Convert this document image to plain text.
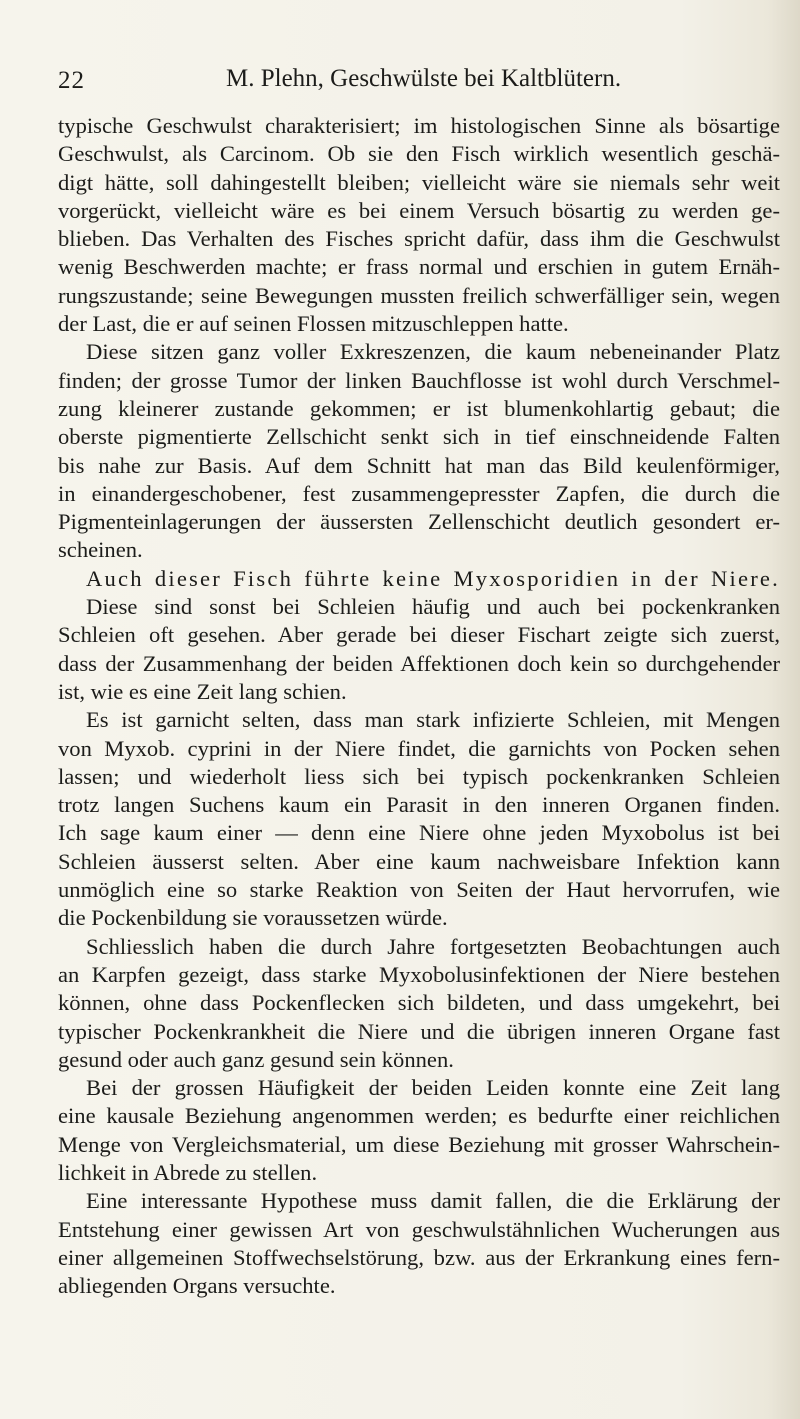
22	M. Plehn, Geschwülste bei Kaltblütern.
typische Geschwulst charakterisiert; im histologischen Sinne als bösartige
Geschwulst, als Carcinom. Ob sie den Fisch wirklich wesentlich geschä-
digt hätte, soll dahingestellt bleiben; vielleicht wäre sie niemals sehr weit
vorgerückt, vielleicht wäre es bei einem Versuch bösartig zu werden ge-
blieben. Das Verhalten des Fisches spricht dafür, dass ihm die Geschwulst
wenig Beschwerden machte; er frass normal und erschien in gutem Ernäh-
rungszustande; seine Bewegungen mussten freilich schwerfälliger sein, wegen
der Last, die er auf seinen Flossen mitzuschleppen hatte.
Diese sitzen ganz voller Exkreszenzen, die kaum nebeneinander Platz
finden; der grosse Tumor der linken Bauchflosse ist wohl durch Verschmel-
zung kleinerer zustande gekommen; er ist blumenkohlartig gebaut; die
oberste pigmentierte Zellschicht senkt sich in tief einschneidende Falten
bis nahe zur Basis. Auf dem Schnitt hat man das Bild keulenförmiger,
in einandergeschobener, fest zusammengepresster Zapfen, die durch die
Pigmenteinlagerungen der äussersten Zellenschicht deutlich gesondert er-
scheinen.
Auch dieser Fisch führte keine Myxosporidien in der Niere.
Diese sind sonst bei Schleien häufig und auch bei pockenkranken
Schleien oft gesehen. Aber gerade bei dieser Fischart zeigte sich zuerst,
dass der Zusammenhang der beiden Affektionen doch kein so durchgehender
ist, wie es eine Zeit lang schien.
Es ist garnicht selten, dass man stark infizierte Schleien, mit Mengen
von Myxob. cyprini in der Niere findet, die garnichts von Pocken sehen
lassen; und wiederholt liess sich bei typisch pockenkranken Schleien
trotz langen Suchens kaum ein Parasit in den inneren Organen finden.
Ich sage kaum einer — denn eine Niere ohne jeden Myxobolus ist bei
Schleien äusserst selten. Aber eine kaum nachweisbare Infektion kann
unmöglich eine so starke Reaktion von Seiten der Haut hervorrufen, wie
die Pockenbildung sie voraussetzen würde.
Schliesslich haben die durch Jahre fortgesetzten Beobachtungen auch
an Karpfen gezeigt, dass starke Myxobolusinfektionen der Niere bestehen
können, ohne dass Pockenflecken sich bildeten, und dass umgekehrt, bei
typischer Pockenkrankheit die Niere und die übrigen inneren Organe fast
gesund oder auch ganz gesund sein können.
Bei der grossen Häufigkeit der beiden Leiden konnte eine Zeit lang
eine kausale Beziehung angenommen werden; es bedurfte einer reichlichen
Menge von Vergleichsmaterial, um diese Beziehung mit grosser Wahrschein-
lichkeit in Abrede zu stellen.
Eine interessante Hypothese muss damit fallen, die die Erklärung der
Entstehung einer gewissen Art von geschwulstähnlichen Wucherungen aus
einer allgemeinen Stoffwechselstörung, bzw. aus der Erkrankung eines fern-
abliegenden Organs versuchte.
